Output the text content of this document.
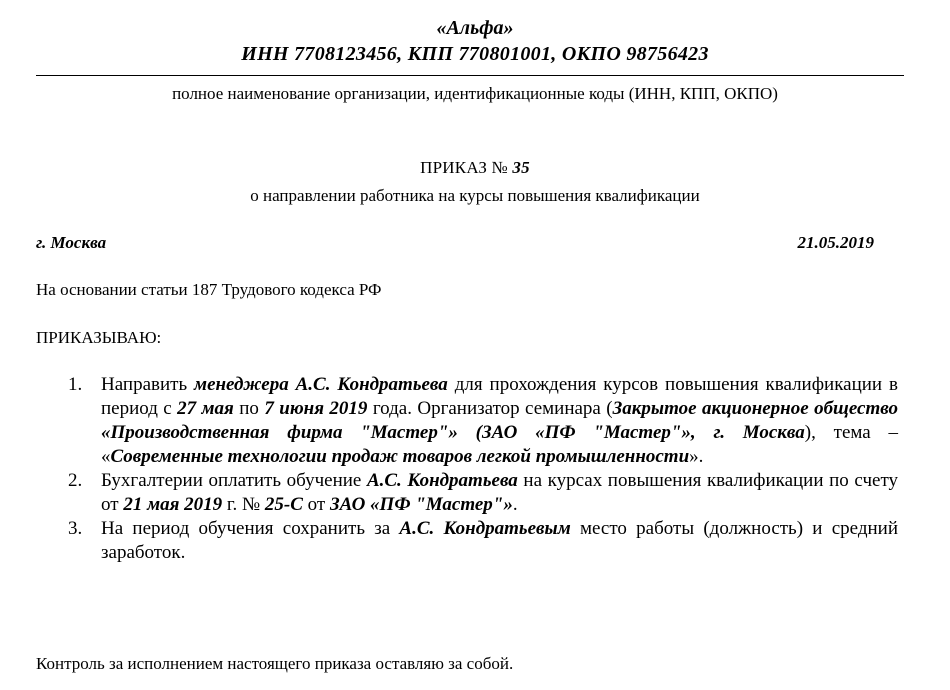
«Альфа»
ИНН 7708123456, КПП 770801001, ОКПО 98756423
полное наименование организации, идентификационные коды (ИНН, КПП, ОКПО)
ПРИКАЗ № 35
о направлении работника на курсы повышения квалификации
г. Москва	21.05.2019
На основании статьи 187 Трудового кодекса РФ
ПРИКАЗЫВАЮ:
1. Направить менеджера А.С. Кондратьева для прохождения курсов повышения квалификации в период с 27 мая по 7 июня 2019 года. Организатор семинара (Закрытое акционерное общество «Производственная фирма "Мастер"» (ЗАО «ПФ "Мастер"», г. Москва), тема – «Современные технологии продаж товаров легкой промышленности».
2. Бухгалтерии оплатить обучение А.С. Кондратьева на курсах повышения квалификации по счету от 21 мая 2019 г. № 25-С от ЗАО «ПФ "Мастер"».
3. На период обучения сохранить за А.С. Кондратьевым место работы (должность) и средний заработок.
Контроль за исполнением настоящего приказа оставляю за собой.
